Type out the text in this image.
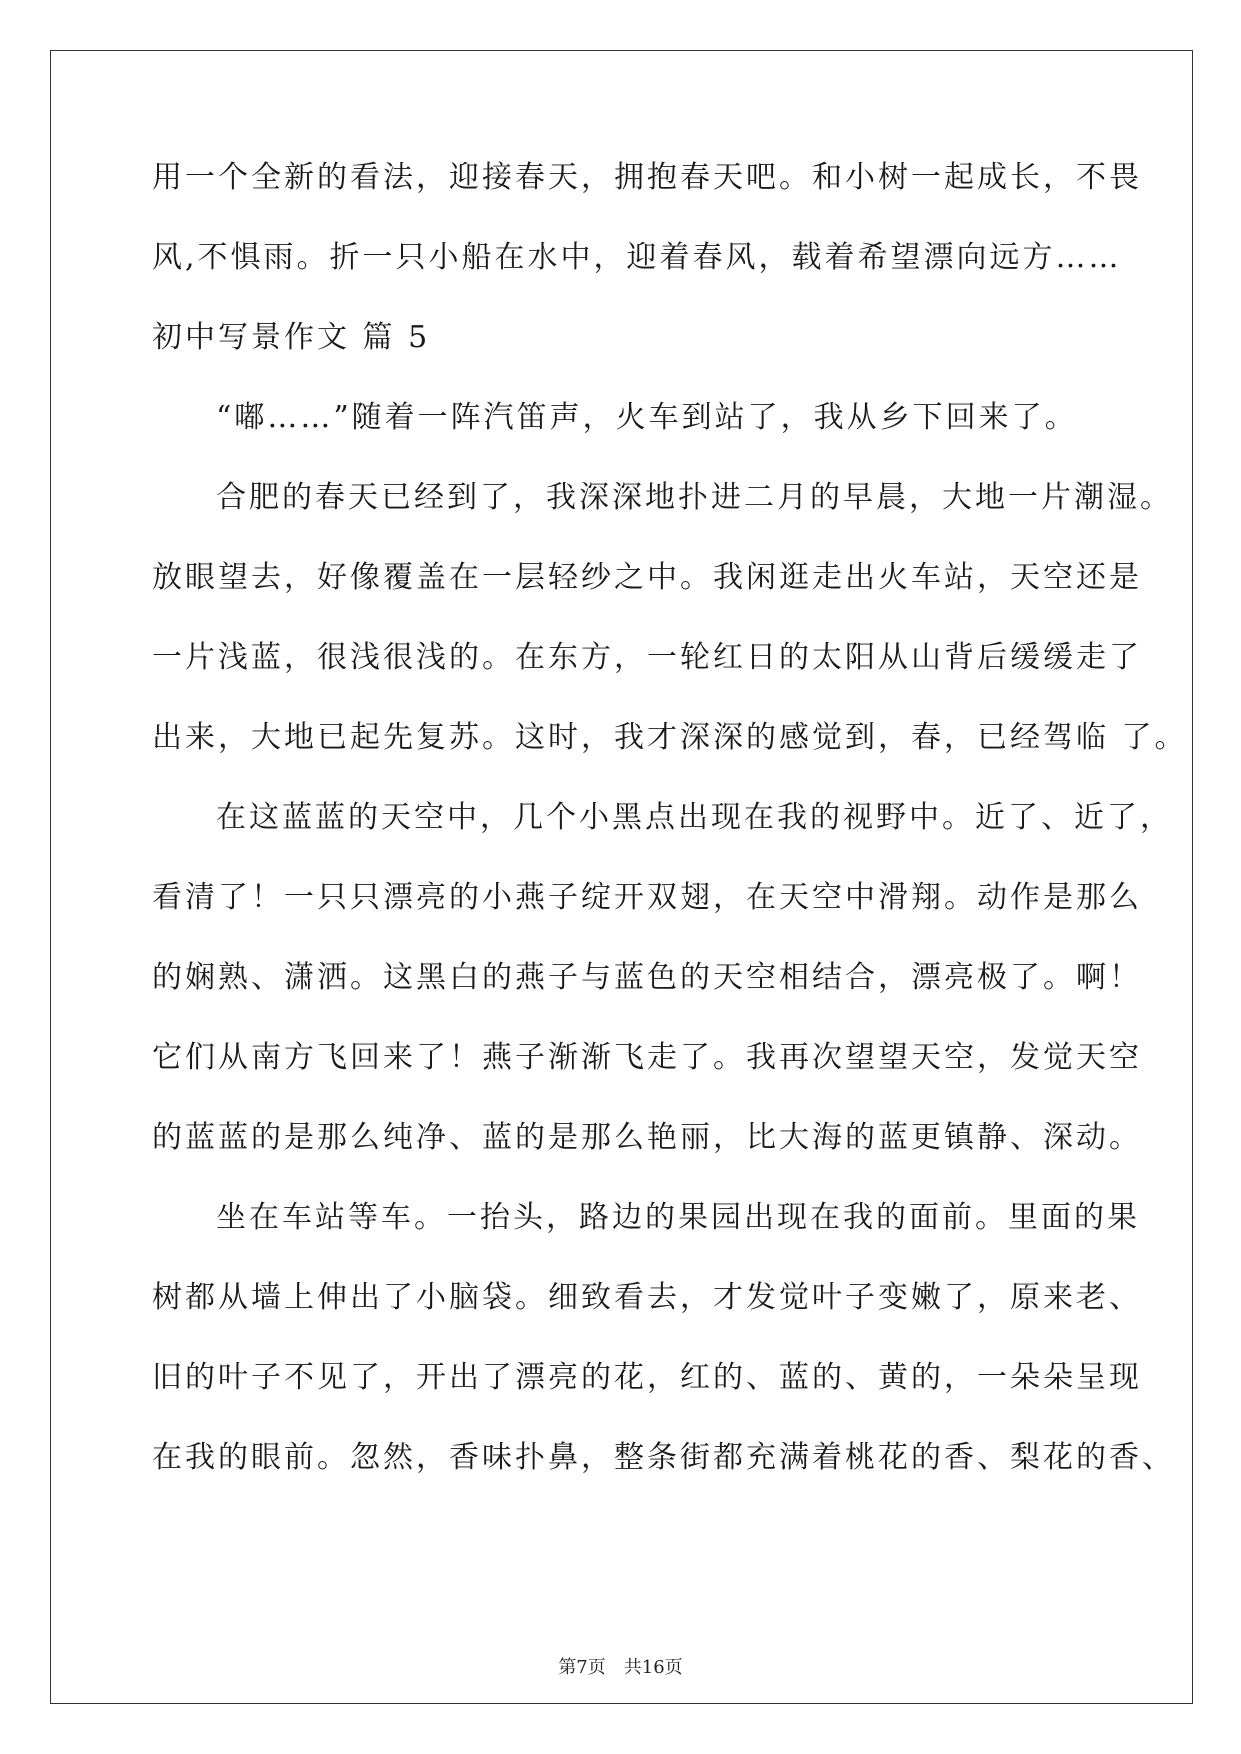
用一个全新的看法，迎接春天，拥抱春天吧。和小树一起成长，不畏
风,不惧雨。折一只小船在水中，迎着春风，载着希望漂向远方……
初中写景作文 篇 5
“嘟……”随着一阵汽笛声，火车到站了，我从乡下回来了。
合肥的春天已经到了，我深深地扑进二月的早晨，大地一片潮湿。
放眼望去，好像覆盖在一层轻纱之中。我闲逛走出火车站，天空还是
一片浅蓝，很浅很浅的。在东方，一轮红日的太阳从山背后缓缓走了
出来，大地已起先复苏。这时，我才深深的感觉到，春，已经驾临 了。
在这蓝蓝的天空中，几个小黑点出现在我的视野中。近了、近了，
看清了！一只只漂亮的小燕子绽开双翅，在天空中滑翔。动作是那么
的娴熟、潇洒。这黑白的燕子与蓝色的天空相结合，漂亮极了。啊！
它们从南方飞回来了！燕子渐渐飞走了。我再次望望天空，发觉天空
的蓝蓝的是那么纯净、蓝的是那么艳丽，比大海的蓝更镇静、深动。
坐在车站等车。一抬头，路边的果园出现在我的面前。里面的果
树都从墙上伸出了小脑袋。细致看去，才发觉叶子变嫩了，原来老、
旧的叶子不见了，开出了漂亮的花，红的、蓝的、黄的，一朵朵呈现
在我的眼前。忽然，香味扑鼻，整条街都充满着桃花的香、梨花的香、
第7页 共16页
